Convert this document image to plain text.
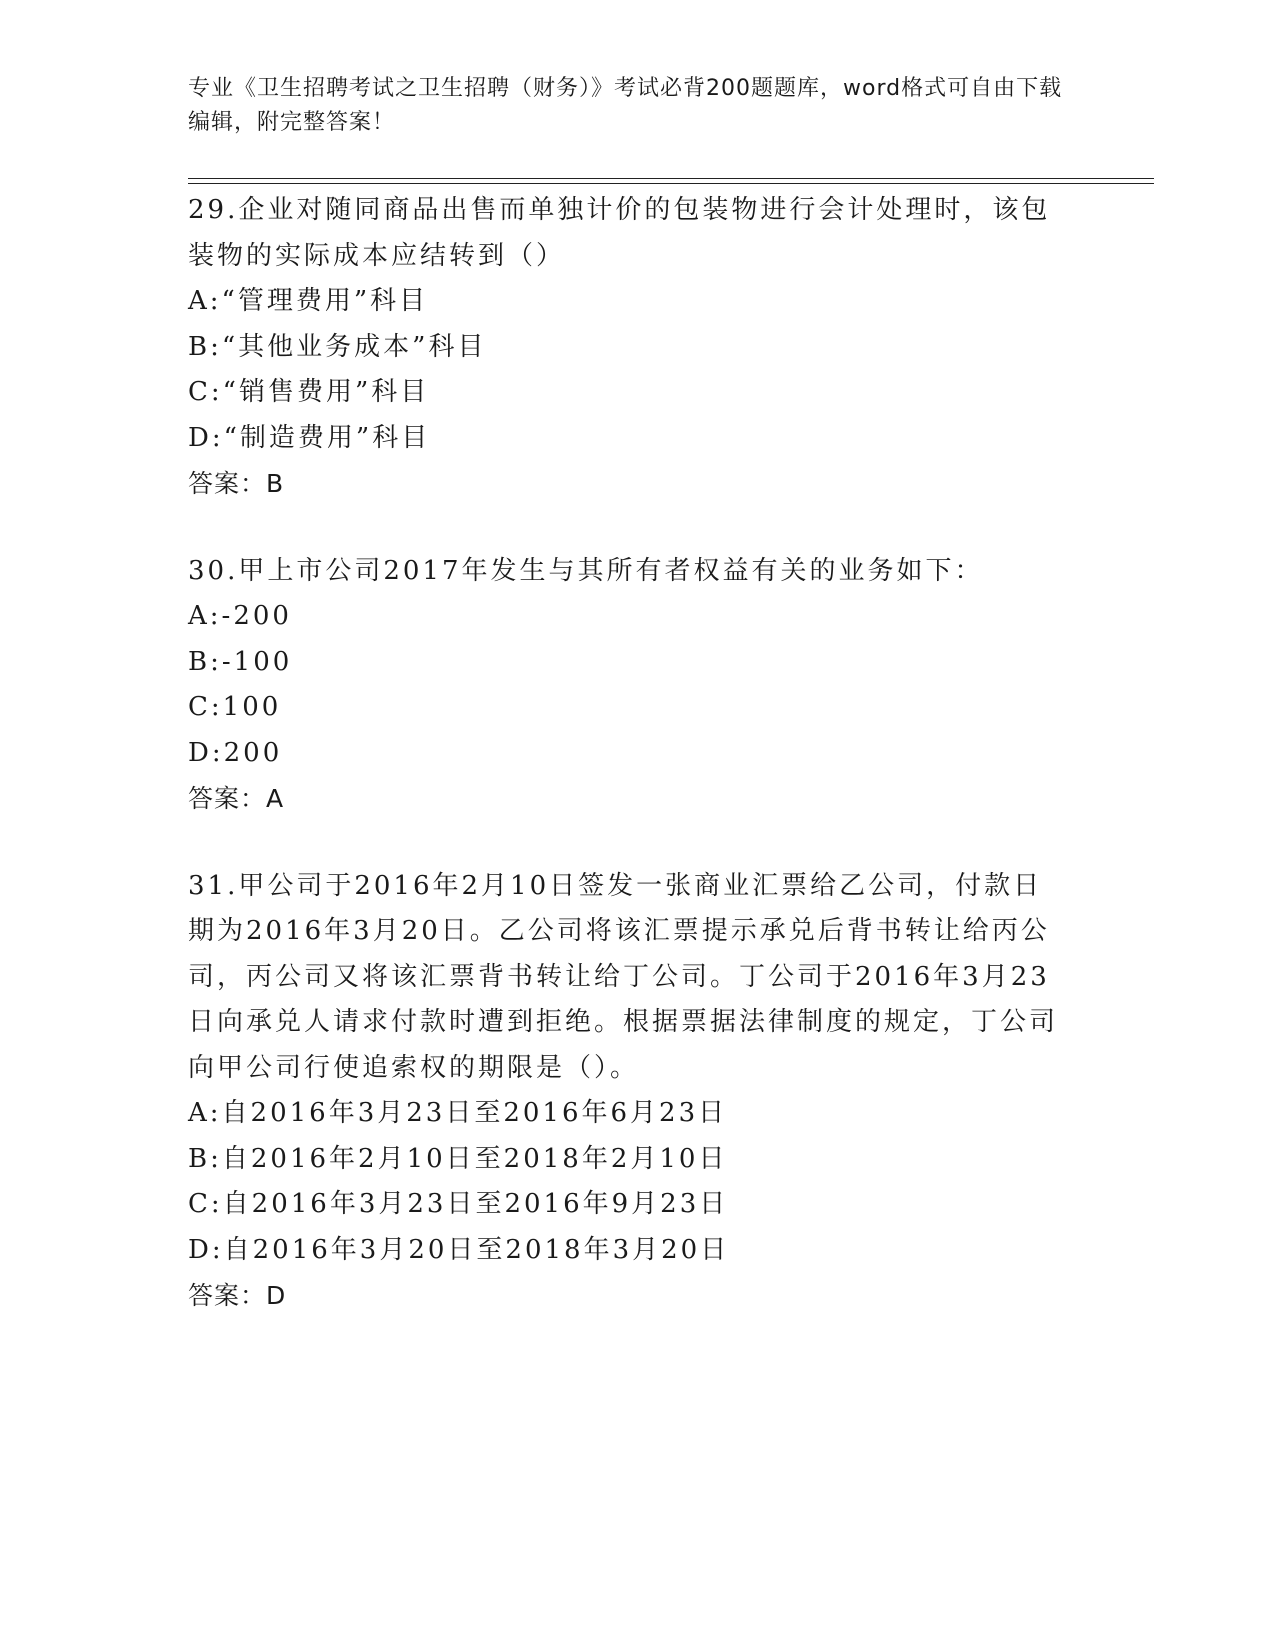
专业《卫生招聘考试之卫生招聘（财务）》考试必背200题题库，word格式可自由下载编辑，附完整答案！
29.企业对随同商品出售而单独计价的包装物进行会计处理时，该包装物的实际成本应结转到（）
A:“管理费用”科目
B:“其他业务成本”科目
C:“销售费用”科目
D:“制造费用”科目
答案：B
30.甲上市公司2017年发生与其所有者权益有关的业务如下：
A:-200
B:-100
C:100
D:200
答案：A
31.甲公司于2016年2月10日签发一张商业汇票给乙公司，付款日期为2016年3月20日。乙公司将该汇票提示承兑后背书转让给丙公司，丙公司又将该汇票背书转让给丁公司。丁公司于2016年3月23日向承兑人请求付款时遭到拒绝。根据票据法律制度的规定，丁公司向甲公司行使追索权的期限是（）。
A:自2016年3月23日至2016年6月23日
B:自2016年2月10日至2018年2月10日
C:自2016年3月23日至2016年9月23日
D:自2016年3月20日至2018年3月20日
答案：D
